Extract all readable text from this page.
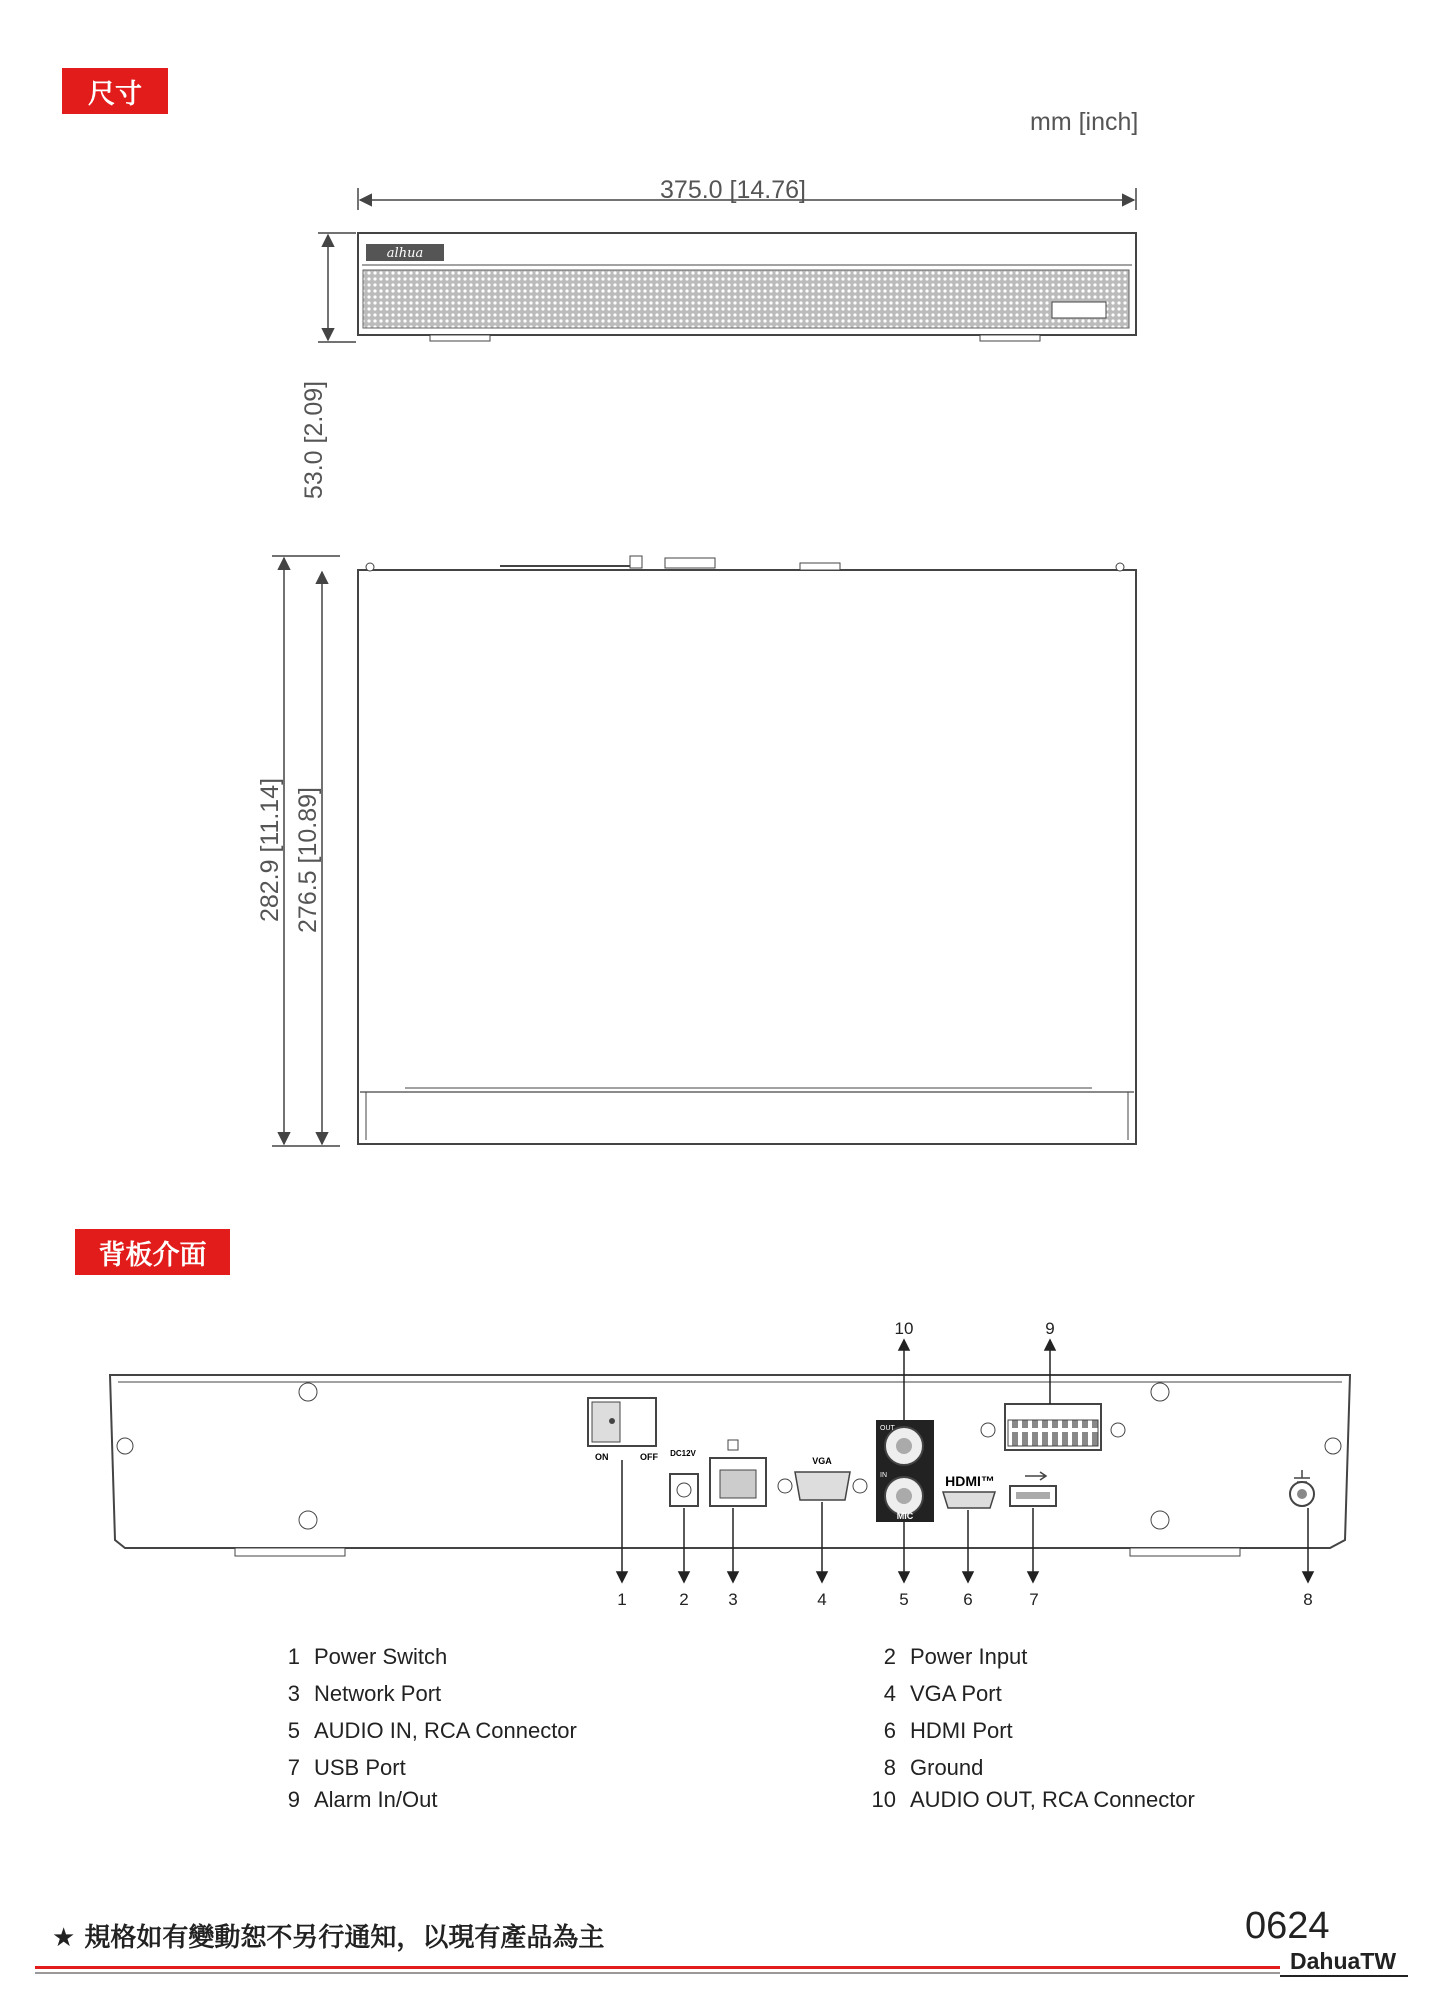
尺寸
mm [inch]
375.0 [14.76]
alhua
53.0 [2.09]
282.9 [11.14] 276.5 [10.89]
背板介面
ON	OFF DC12V
VGA
OUT
IN
MIC
HDMI™
1	2 3	4	5	6	7	8
9
10
1 Power Switch	2 Power Input
3 Network Port	4 VGA Port
5 AUDIO IN, RCA Connector	6 HDMI Port
7 USB Port	8 Ground
9 Alarm In/Out	10 AUDIO OUT, RCA Connector
★ 規格如有變動恕不另行通知，以現有產品為主	0624
DahuaTW
